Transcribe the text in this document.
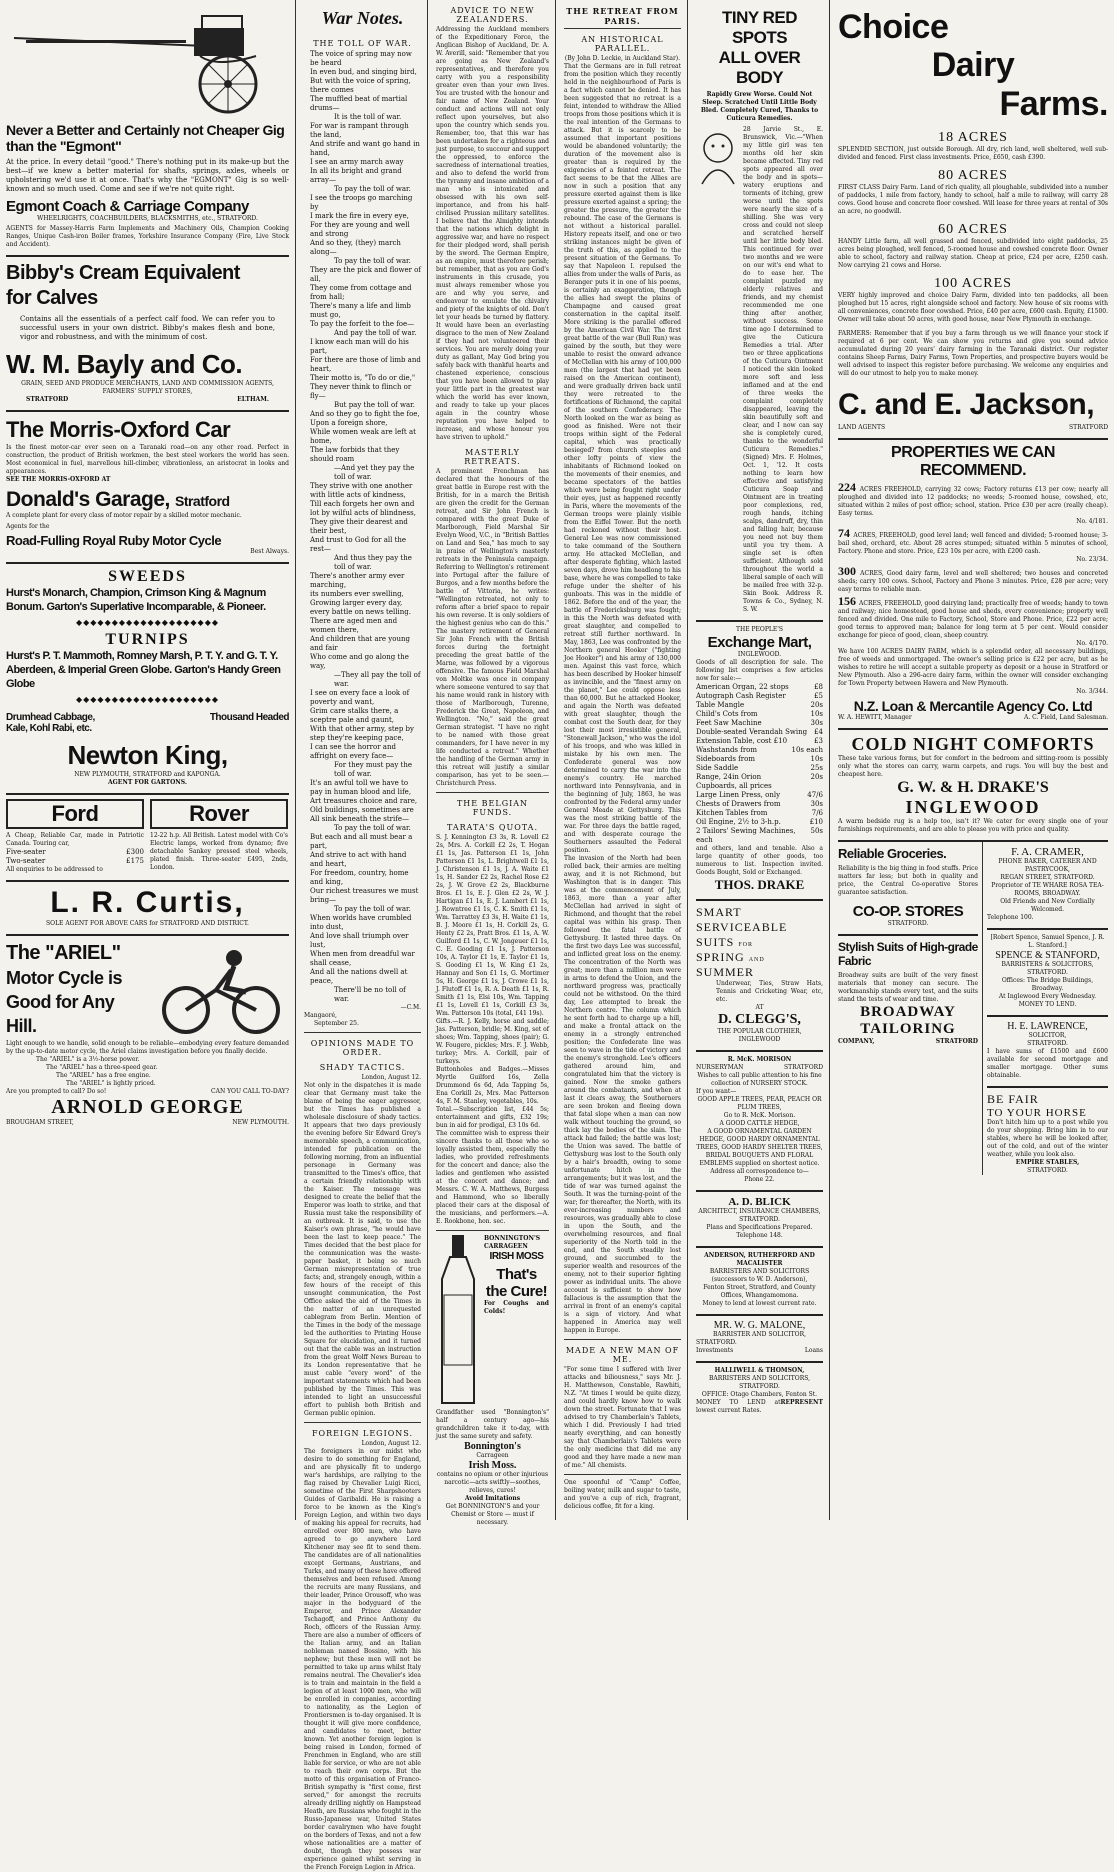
Never a Better and Certainly not Cheaper Gig than the "Egmont"
At the price. In every detail "good." There's nothing put in its make-up but the best—if we knew a better material for shafts, springs, axles, wheels or upholstering we'd use it at once. That's why the "EGMONT" Gig is so well-known and so much used. Come and see if we're not quite right.
Egmont Coach & Carriage Company
WHEELRIGHTS, COACHBUILDERS, BLACKSMITHS, etc., STRATFORD.
AGENTS for Massey-Harris Farm Implements and Machinery Oils, Champion Cooking Ranges, Unique Cash-iron Boiler frames, Yorkshire Insurance Company (Fire, Live Stock and Accident).
Bibby's Cream Equivalent
for Calves
Contains all the essentials of a perfect calf food. We can refer you to successful users in your own district. Bibby's makes flesh and bone, vigor and robustness, and with the minimum of cost.
W. M. Bayly and Co.
GRAIN, SEED AND PRODUCE MERCHANTS, LAND AND COMMISSION AGENTS, FARMERS' SUPPLY STORES,
STRATFORD	ELTHAM.
The Morris-Oxford Car
Is the finest motor-car ever seen on a Taranaki road—on any other road. Perfect in construction, the product of British workmen, the best steel workers the world has seen. Most economical in fuel, marvellous hill-climber, vibrationless, an aristocrat in looks and appearances.
SEE THE MORRIS-OXFORD AT
Donald's Garage, Stratford
A complete plant for every class of motor repair by a skilled motor mechanic.
Agents for the
Road-Fulling Royal Ruby Motor Cycle
Best Always.
SWEEDS
Hurst's Monarch, Champion, Crimson King & Magnum Bonum. Garton's Superlative Incomparable, & Pioneer.
◆◆◆◆◆◆◆◆◆◆◆◆◆◆◆◆◆◆◆◆
TURNIPS
Hurst's P. T. Mammoth, Romney Marsh, P. T. Y. and G. T. Y. Aberdeen, & Imperial Green Globe. Garton's Handy Green Globe
◆◆◆◆◆◆◆◆◆◆◆◆◆◆◆◆◆◆◆◆
Drumhead Cabbage,	Thousand Headed
Kale, Kohl Rabi, etc.
Newton King,
NEW PLYMOUTH, STRATFORD and KAPONGA.
AGENT FOR GARTONS.
Ford
A Cheap, Reliable Car, made in Patriotic Canada. Touring car,
Five-seater	£300
Two-seater	£175
All enquiries to be addressed to
Rover
12-22 h.p. All British. Latest model with Co's Electric lamps, worked from dynamo; five detachable Sankey pressed steel wheels, plated finish. Three-seater £495, 2nds, London.
L. R. Curtis,
SOLE AGENT FOR ABOVE CARS for STRATFORD AND DISTRICT.
The "ARIEL"
Motor Cycle is
Good for Any
Hill.
Light enough to we handle, solid enough to be reliable—embodying every feature demanded by the up-to-date motor cycle, the Ariel claims investigation before you finally decide.
The "ARIEL" is a 3½-horse power.
The "ARIEL" has a three-speed gear.
The "ARIEL" has a free engine.
The "ARIEL" is lightly priced.
Are you prompted to call? Do so!	CAN YOU CALL TO-DAY?
ARNOLD GEORGE
BROUGHAM STREET,	NEW PLYMOUTH.
War Notes.
THE TOLL OF WAR.
The voice of spring may now be heard
In even bud, and singing bird,
But with the voice of spring, there comes
The muffled beat of martial drums—
It is the toll of war.
For war is rampant through the land,
And strife and want go hand in hand,
I see an army march away
In all its bright and grand array—
To pay the toll of war.
I see the troops go marching by
I mark the fire in every eye,
For they are young and well and strong
And so they, (they) march along—
To pay the toll of war.
They are the pick and flower of all,
They come from cottage and from hall;
There's many a life and limb must go,
To pay the forfeit to the foe—
And pay the toll of war.
I know each man will do his part,
For there are those of limb and heart,
Their motto is, "To do or die,"
They never think to flinch or fly—
But pay the toll of war.
And so they go to fight the foe,
Upon a foreign shore,
While women weak are left at home,
The law forbids that they should roam
—And yet they pay the toll of war.
They strive with one another with little acts of kindness,
Till each forgets her own and lot by wilful acts of blindness,
They give their dearest and their best,
And trust to God for all the rest—
And thus they pay the toll of war.
There's another army ever marching,
its numbers ever swelling,
Growing larger every day, every battle on news telling.
There are aged men and women there,
And children that are young and fair
Who come and go along the way,
—They all pay the toll of war.
I see on every face a look of poverty and want,
Grim care stalks there, a sceptre pale and gaunt,
With that other army, step by step they're keeping pace,
I can see the horror and affright on every face—
For they must pay the toll of war.
It's an awful toll we have to pay in human blood and life,
Art treasures choice and rare,
Old buildings, sometimes are
All sink beneath the strife—
To pay the toll of war.
But each and all must bear a part,
And strive to act with hand and heart,
For freedom, country, home and king,
Our richest treasures we must bring—
To pay the toll of war.
When worlds have crumbled into dust,
And love shall triumph over lust,
When men from dreadful war shall cease,
And all the nations dwell at peace,
There'll be no toll of war.
—C.M.
Mangaoré,
September 25.
OPINIONS MADE TO ORDER.
SHADY TACTICS.
London, August 12.
Not only in the dispatches it is made clear that Germany must take the blame of being the eager aggressor, but the Times has published a wholesale disclosure of shady tactics. It appears that two days previously the evening before Sir Edward Grey's memorable speech, a communication, intended for publication on the following morning, from an influential personage in Germany was transmitted to the Times's office, that a certain friendly relationship with the Kaiser. The message was designed to create the belief that the Emperor was loath to strike, and that Russia must take the responsibility of an outbreak. It is said, to use the Kaiser's own phrase, "he would have been the last to keep peace." The Times decided that the best place for the communication was the waste-paper basket, it being so much German misrepresentation of true facts; and, strangely enough, within a few hours of the receipt of this unsought communication, the Post Office asked the aid of the Times in the matter of an unrequested cablegram from Berlin. Mention of the Times in the body of the message led the authorities to Printing House Square for elucidation, and it turned out that the cable was an instruction from the great Wolff News Bureau to its London representative that he must cable "every word" of the important statements which had been published by the Times. This was intended to light an unsuccessful effort to publish both British and German public opinion.
FOREIGN LEGIONS.
London, August 12.
The foreigners in our midst who desire to do something for England, and are physically fit to undergo war's hardships, are rallying to the flag raised by Chevalier Luigi Ricci, sometime of the First Sharpshooters Guides of Garibaldi. He is raising a force to be known as the King's Foreign Legion, and within two days of making his appeal for recruits, had enrolled over 800 men, who have agreed to go anywhere Lord Kitchener may see fit to send them. The candidates are of all nationalities except Germans, Austrians, and Turks, and many of these have offered themselves and been refused. Among the recruits are many Russians, and their leader, Prince Orousoff, who was major in the bodyguard of the Emperor, and Prince Alexander Tschagoff, and Prince Anthony du Roch, officers of the Russian Army. There are also a number of officers of the Italian army, and an Italian nobleman named Bossino, with his nephew; but these men will not be permitted to take up arms whilst Italy remains neutral. The Chevalier's idea is to train and maintain in the field a legion of at least 1000 men, who will be enrolled in companies, according to nationality, as the Legion of Frontiersmen is to-day organised. It is thought it will give more confidence, and candidates to meet, better known. Yet another foreign legion is being raised in London, formed of Frenchmen in England, who are still liable for service, or who are not able to reach their own corps. But the motto of this organisation of Franco-British sympathy is "first come, first served," for amongst the recruits already drilling nightly on Hampstead Heath, are Russians who fought in the Russo-Japanese war, United States border cavalrymen who have fought on the borders of Texas, and not a few whose nationalities are a matter of doubt, though they possess war experience gained whilst serving in the French Foreign Legion in Africa.
ADVICE TO NEW ZEALANDERS.
Addressing the Auckland members of the Expeditionary Force, the Anglican Bishop of Auckland, Dr. A. W. Averill, said: "Remember that you are going as New Zealand's representatives, and therefore you carry with you a responsibility greater even than your own lives. You are trusted with the honour and fair name of New Zealand. Your conduct and actions will not only reflect upon yourselves, but also upon the country which sends you. Remember, too, that this war has been undertaken for a righteous and just purpose, to succour and support the oppressed, to enforce the sacredness of international treaties, and also to defend the world from the tyranny and insane ambition of a man who is intoxicated and obsessed with his own self-importance, and from his half-civilised Prussian military satellites. I believe that the Almighty intends that the nations which delight in aggressive war, and have no respect for their pledged word, shall perish by the sword. The German Empire, as an empire, must therefore perish; but remember, that as you are God's instruments in this crusade, you must always remember whose you are and why you serve, and endeavour to emulate the chivalry and piety of the knights of old. Don't let your heads be turned by flattery. It would have been an everlasting disgrace to the men of New Zealand if they had not volunteered their services. You are merely doing your duty as gallant, May God bring you safely back with thankful hearts and chastened experience, conscious that you have been allowed to play your little part in the greatest war which the world has ever known, and ready to take up your places again in the country whose reputation you have helped to increase, and whose honour you have striven to uphold."
MASTERLY RETREATS.
A prominent Frenchman has declared that the honours of the great battle in Europe rest with the British, for in a march the British are given the credit for the German retreat, and Sir John French is compared with the great Duke of Marlborough, Field Marshal Sir Evelyn Wood, V.C., in "British Battles on Land and Sea," has much to say in praise of Wellington's masterly retreats in the Peninsula campaign. Referring to Wellington's retirement into Portugal after the failure of Burgos, and a few months before the battle of Vittoria, he writes: "Wellington retreated, not only to reform after a brief space to repair his own reverse. It is only soldiers of the highest genius who can do this." The mastery retirement of General Sir John French with the British forces during the fortnight preceding the great battle of the Marne, was followed by a vigorous offensive. The famous Field Marshal von Moltke was once in company where someone ventured to say that his name would rank in history with those of Marlborough, Turenne, Frederick the Great, Napoleon, and Wellington. "No," said the great German strategist. "I have no right to be named with those great commanders, for I have never in my life conducted a retreat." Whether the handling of the German army in this retreat will justify a similar comparison, has yet to be seen.—Christchurch Press.
THE BELGIAN FUNDS.
TARATA'S QUOTA.
S. J. Kennington £3 3s, R. Lovell £2 2s, Mrs. A. Corkill £2 2s, T. Hogan £1 1s, Jas. Patterson £1 1s, John Patterson £1 1s, L. Brightwell £1 1s, J. Christenson £1 1s, J. A. Waite £1 1s, H. Sander £2 2s, Rachel Rose £2 2s, J. W. Grove £2 2s, Blackburne Bros. £1 1s, E. J. Glen £2 2s, W. J. Hartigan £1 1s, E. J. Lambert £1 1s, J. Rowntree £1 1s, C. K. Smith £1 1s, Wm. Tarrattey £3 3s, H. Waite £1 1s, B. J. Moore £1 1s, H. Corkill 2s, G. Henty £2 2s, Pratt Bros. £1 1s, A. W. Guilford £1 1s, C. W. Jongeuer £1 1s, C. E. Gooding £1 1s, J. Patterson 10s, A. Taylor £1 1s, E. Taylor £1 1s, S. Gooding £1 1s, W. King £1 2s, Hannay and Son £1 1s, G. Mortimer 5s, H. George £1 1s, J. Crowe £1 1s, J. Flutoff £1 1s, R. A. Death £1 1s, R. Smith £1 1s, Elsi 10s, Wm. Tapping £1 1s, Lovell £1 1s, Corkill £3 3s, Wm. Patterson 10s (total, £41 19s).
Gifts.—R. J. Kelly, horse and saddle; Jas. Patterson, bridle; M. King, set of shoes; Wm. Tapping, shoes (pair); G. W. Fougere, pickles; Mrs. F. J. Webb, turkey; Mrs. A. Corkill, pair of turkeys.
Buttonholes and Badges.—Misses Myrtle Guilford 16s, Zella Drummond 6s 6d, Ada Tapping 5s, Ena Corkill 2s, Mrs. Mac Patterson 4s, F. M. Stanley, vegetables, 10s.
Total.—Subscription list, £44 5s; entertainment and gifts, £32 19s; bun in aid for prodigal, £3 10s 6d.
The committee wish to express their sincere thanks to all those who so loyally assisted them, especially the ladies, who provided refreshments for the concert and dance; also the ladies and gentlemen who assisted at the concert and dance; and Messrs. C. W. A. Matthews, Burgess and Hammond, who so liberally placed their cars at the disposal of the musicians, and performers.—A. E. Rookbone, hon. sec.
BONNINGTON'S
CARRAGEEN
IRISH MOSS
That's
the Cure!
For Coughs and Colds!
Grandfather used "Bonnington's" half a century ago—his grandchildren take it to-day, with just the same surety and safety.
Bonnington's
Carrageen
Irish Moss.
contains no opium or other injurious narcotic—acts swiftly—soothes, relieves, cures!
Avoid Imitations
Get BONNINGTON'S and your Chemist or Store — must if necessary.
THE RETREAT FROM PARIS.
AN HISTORICAL PARALLEL.
(By John D. Leckie, in Auckland Star).
That the Germans are in full retreat from the position which they recently held in the neighbourhood of Paris is a fact which cannot be denied. It has been suggested that no retreat is a feint, intended to withdraw the Allied troops from those positions which it is the real intention of the Germans to attack. But it is scarcely to be assumed that important positions would be abandoned voluntarily; the duration of the movement also is greater than is required by the exigencies of a feinted retreat. The fact seems to be that the Allies are now in such a position that any pressure exerted against them is like pressure exerted against a spring; the greater the pressure, the greater the rebound. The case of the Germans is not without a historical parallel. History repeats itself, and one or two striking instances might be given of the truth of this, as applied to the present situation of the Germans. To say that Napoleon I. repulsed the allies from under the walls of Paris, as Beranger puts it in one of his poems, is certainly an exaggeration, though the allies had swept the plains of Champagne and caused great consternation in the capital itself. More striking is the parallel offered by the American Civil War. The first great battle of the war (Bull Run) was gained by the south, but they were unable to resist the onward advance of McClellan with his army of 100,000 men (the largest that had yet been raised on the American continent), and were gradually driven back until they were retreated to the fortifications of Richmond, the capital of the southern Confederacy. The North looked on the war as being as good as finished. Were not their troops within sight of the Federal capital, which was practically besieged? from church steeples and other lofty points of view the inhabitants of Richmond looked on the movements of their enemies, and became spectators of the battles which were being fought right under their eyes, just as happened recently in Paris, where the movements of the German troops were plainly visible from the Eiffel Tower. But the north had reckoned without their host. General Lee was now commissioned to take command of the Southern army. He attacked McClellan, and after desperate fighting, which lasted seven days, drove him headlong to his base, where he was compelled to take refuge under the shelter of his gunboats. This was in the middle of 1862. Before the end of the year, the battle of Fredericksburg was fought; in this the North was defeated with great slaughter, and compelled to retreat still further northward. In May, 1863, Lee was confronted by the Northern general Hooker ("fighting Joe Hooker") and his army of 130,000 men. Against this vast force, which has been described by Hooker himself as invincible, and the "finest army on the planet," Lee could oppose less than 60,000. But he attacked Hooker, and again the North was defeated with great slaughter, though the combat cost the South dear, for they lost their most irresistible general, "Stonewall Jackson," who was the idol of his troops, and who was killed in mistake by his own men. The Confederate general was now determined to carry the war into the enemy's country. He marched northward into Pennsylvania, and in the beginning of July, 1863, he was confronted by the Federal army under General Meade at Gettysburg. This was the most striking battle of the war. For three days the battle raged, and with desperate courage the Southerners assaulted the Federal position.
The invasion of the North had been rolled back, their armies are melting away, and it is not Richmond, but Washington that is in danger. This was at the commencement of July, 1863, more than a year after McClellan had arrived in sight of Richmond, and thought that the rebel capital was within his grasp. Then followed the fatal battle of Gettysburg. It lasted three days. On the first two days Lee was successful, and inflicted great loss on the enemy. The concentration of the North was great; more than a million men were in arms to defend the Union, and the northward progress was, practically could not be withstood. On the third day, Lee attempted to break the Northern centre. The column which he sent forth had to charge up a hill, and make a frontal attack on the enemy in a strongly entrenched position; the Confederate line was seen to wave in the tide of victory and the enemy's stronghold. Lee's officers gathered around him, and congratulated him that the victory is gained. Now the smoke gathers around the combatants, and when at last it clears away, the Southerners are seen broken and fleeing down that fatal slope when a man can now walk without touching the ground, so thick lay the bodies of the slain. The attack had failed; the battle was lost; the Union was saved. The battle of Gettysburg was lost to the South only by a hair's breadth, owing to some unfortunate hitch in the arrangements; but it was lost, and the tide of war was turned against the South. It was the turning-point of the war; for thereafter, the North, with its ever-increasing numbers and resources, was gradually able to close in upon the South, and the overwhelming resources, and final superiority of the North told in the end, and the South steadily lost ground, and succumbed to the superior wealth and resources of the enemy, not to their superior fighting power as individual units. The above account is sufficient to show how fallacious is the assumption that the arrival in front of an enemy's capital is a sign of victory. And what happened in America may well happen in Europe.
MADE A NEW MAN OF ME.
"For some time I suffered with liver attacks and biliousness," says Mr. J. H. Matthewson, Constable, Rawhiti, N.Z. "At times I would be quite dizzy, and could hardly know how to walk down the street. Fortunate that I was advised to try Chamberlain's Tablets, which I did. Previously I had tried nearly everything, and can honestly say that Chamberlain's Tablets were the only medicine that did me any good and they have made a new man of me." All chemists.
One spoonful of "Camp" Coffee, boiling water, milk and sugar to taste, and you've a cup of rich, fragrant, delicious coffee, fit for a king.
TINY RED SPOTS
ALL OVER BODY
Rapidly Grew Worse. Could Not Sleep. Scratched Until Little Body Bled. Completely Cured, Thanks to Cuticura Remedies.
28 Jarvie St., E. Brunswick, Vic.—"When my little girl was ten months old her skin became affected. Tiny red spots appeared all over the body and in spots—watery eruptions and torments of itching, grew worse until the spots were nearly the size of a shilling. She was very cross and could not sleep and scratched herself until her little body bled. This continued for over two months and we were on our wit's end what to do to ease her. The complaint puzzled my elderly relatives and friends, and my chemist recommended me one thing after another, without success. Some time ago I determined to give the Cuticura Remedies a trial. After two or three applications of the Cuticura Ointment I noticed the skin looked more soft and less inflamed and at the end of three weeks the complaint completely disappeared, leaving the skin beautifully soft and clear, and I now can say she is completely cured, thanks to the wonderful Cuticura Remedies." (Signed) Mrs. F. Holmes, Oct. 1, '12. It costs nothing to learn how effective and satisfying Cuticura Soap and Ointment are in treating poor complexions, red, rough hands, itching scalps, dandruff, dry, thin and falling hair, because you need not buy them until you try them. A single set is often sufficient. Although sold throughout the world a liberal sample of each will be mailed free with 32-p. Skin Book. Address R. Towns & Co., Sydney, N. S. W.
THE PEOPLE'S
Exchange Mart,
INGLEWOOD.
Goods of all description for sale. The following list comprises a few articles now for sale:—
American Organ, 22 stops	£8
Autograph Cash Register	£5
Table Mangle	20s
Child's Cots from	10s
Feet Saw Machine	30s
Double-seated Verandah Swing £4
Extension Table, cost £10	£3
Washstands from	10s each
Sideboards from	10s
Side Saddle	25s
Range, 24in Orion	20s
Cupboards, all prices
Large Linen Press, only	47/6
Chests of Drawers from	30s
Kitchen Tables from	7/6
Oil Engine, 2½ to 3-h.p.	£10
2 Tailors' Sewing Machines, each
50s
and others, land and tenable. Also a large quantity of other goods, too numerous to list. Inspection invited. Goods Bought, Sold or Exchanged.
THOS. DRAKE
SMART
SERVICEABLE
SUITS FOR
SPRING AND
SUMMER
Underwear, Ties, Straw Hats, Tennis and Cricketing Wear, etc, etc.
AT
D. CLEGG'S,
THE POPULAR CLOTHIER, INGLEWOOD
R. McK. MORISON
NURSERYMAN	STRATFORD
Wishes to call public attention to his fine collection of NURSERY STOCK.
If you want—
GOOD APPLE TREES, PEAR, PEACH OR PLUM TREES,
Go to R. McK. Morison.
A GOOD CATTLE HEDGE,
A GOOD ORNAMENTAL GARDEN HEDGE, GOOD HARDY ORNAMENTAL TREES, GOOD HARDY SHELTER TREES,
BRIDAL BOUQUETS AND FLORAL EMBLEMS supplied on shortest notice. Address all correspondence to—
Phone 22.
A. D. BLICK
ARCHITECT, INSURANCE CHAMBERS, STRATFORD.
Plans and Specifications Prepared.
Telephone 148.
ANDERSON, RUTHERFORD AND MACALISTER
BARRISTERS AND SOLICITORS (successors to W. D. Anderson),
Fenton Street, Stratford, and County Offices, Whangamomona.
Money to lend at lowest current rate.
MR. W. G. MALONE,
BARRISTER AND SOLICITOR,
STRATFORD.
Investments	Loans
HALLIWELL & THOMSON,
BARRISTERS AND SOLICITORS, STRATFORD.
OFFICE: Otago Chambers, Fenton St.
MONEY TO LEND at lowest current Rates.
REPRESENT
Choice
Dairy
Farms.
18 ACRES
SPLENDID SECTION, just outside Borough. All dry, rich land, well sheltered, well sub-divided and fenced. First class investments. Price, £650, cash £390.
80 ACRES
FIRST CLASS Dairy Farm. Land of rich quality, all ploughable, subdivided into a number of paddocks, 1 mile from factory, handy to school, half a mile to railway, will carry 28 cows. Good house and concrete floor cowshed. Will lease for three years at rental of 30s an acre, no goodwill.
60 ACRES
HANDY Little farm, all well grassed and fenced, subdivided into eight paddocks, 25 acres being ploughed, well fenced, 5-roomed house and cowshed concrete floor. Owner able to school, factory and railway station. Cheap at price, £24 per acre, £250 cash. Now carrying 21 cows and Horse.
100 ACRES
VERY highly improved and choice Dairy Farm, divided into ten paddocks, all been ploughed but 15 acres, right alongside school and factory. New house of six rooms with all conveniences, concrete floor cowshed. Price, £40 per acre, £600 cash. Equity, £1500. Owner will take about 50 acres, with good house, near New Plymouth in exchange.
FARMERS: Remember that if you buy a farm through us we will finance your stock if required at 6 per cent. We can show you returns and give you sound advice accumulated during 20 years' dairy farming in the Taranaki district. Our register contains Sheep Farms, Dairy Farms, Town Properties, and prospective buyers would be well advised to inspect this register before purchasing. We welcome any enquiries and will do our utmost to help you to make money.
C. and E. Jackson,
LAND AGENTS	STRATFORD
PROPERTIES WE CAN RECOMMEND.
224 ACRES FREEHOLD, carrying 32 cows; Factory returns £13 per cow; nearly all ploughed and divided into 12 paddocks; no weeds; 5-roomed house, cowshed, etc, situated within 2 miles of post office; school, station. Price £30 per acre (really cheap). Easy terms.
No. 4/181.
74 ACRES, FREEHOLD, good level land; well fenced and divided; 5-roomed house; 3-bail shed, orchard, etc. About 28 acres stumped; situated within 5 minutes of school, Factory. Phone and store. Price, £23 10s per acre, with £200 cash.
No. 23/34.
300 ACRES, Good dairy farm, level and well sheltered; two houses and concreted sheds; carry 100 cows. School, Factory and Phone 3 minutes. Price, £28 per acre; very easy terms to reliable man.
156 ACRES, FREEHOLD, good dairying land; practically free of weeds; handy to town and railway; nice homestead, good house and sheds, every convenience; property well fenced and divided. One mile to Factory, School, Store and Phone. Price, £22 per acre; good terms to approved man; balance for long term at 5 per cent. Would consider exchange for piece of good, clean, sheep country.
No. 4/170.
We have 100 ACRES DAIRY FARM, which is a splendid order, all necessary buildings, free of weeds and unmortgaged. The owner's selling price is £22 per acre, but as he wishes to retire he will accept a suitable property as deposit or a house in Stratford or New Plymouth. Also a 296-acre dairy farm, within the owner will consider exchanging for Town Property between Hawera and New Plymouth.
No. 3/344.
N.Z. Loan & Mercantile Agency Co. Ltd
W. A. HEWITT, Manager	A. C. Field, Land Salesman.
COLD NIGHT COMFORTS
These take various forms, but for comfort in the bedroom and sitting-room is possibly only what the stores can carry, warm carpets, and rugs. You will buy the best and cheapest here.
G. W. & H. DRAKE'S
INGLEWOOD
A warm bedside rug is a help too, isn't it? We cater for every single one of your furnishings requirements, and are able to please you with price and quality.
Reliable Groceries.
Reliability is the big thing in food stuffs. Price matters far less; but both in quality and price, the Central Co-operative Stores guarantee satisfaction.
CO-OP. STORES
STRATFORD.
Stylish Suits of High-grade Fabric
Broadway suits are built of the very finest materials that money can secure. The workmanship stands every test, and the suits stand the tests of wear and time.
BROADWAY
TAILORING
COMPANY,	STRATFORD
F. A. CRAMER,
PHONE BAKER, CATERER AND PASTRYCOOK,
REGAN STREET, STRATFORD.
Proprietor of TE WHARE ROSA TEA-ROOMS, BROADWAY.
Old Friends and New Cordially Welcomed.
Telephone 100.
[Robert Spence, Samuel Spence, J. R. L. Stanford.]
SPENCE & STANFORD,
BARRISTERS & SOLICITORS,
STRATFORD.
Offices: The Bridge Buildings, Broadway.
At Inglewood Every Wednesday.
MONEY TO LEND.
H. E. LAWRENCE,
SOLICITOR,
STRATFORD.
I have sums of £1500 and £600 available for second mortgage and smaller mortgage. Other sums obtainable.
BE FAIR
TO YOUR HORSE
Don't hitch him up to a post while you do your shopping. Bring him in to our stables, where he will be looked after, out of the cold, and out of the winter weather, while you look also.
EMPIRE STABLES,
STRATFORD.
